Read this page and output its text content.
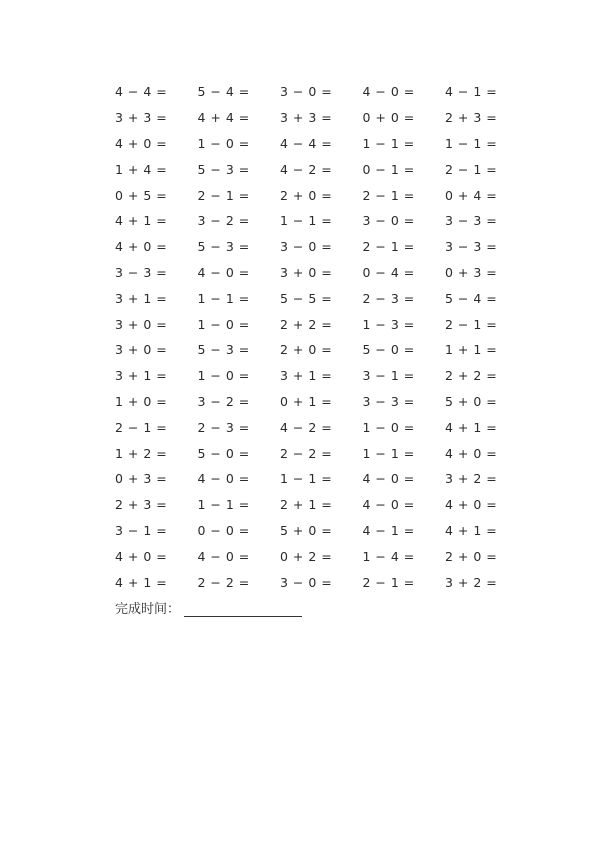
4 − 4 =	5 − 4 =	3 − 0 =	4 − 0 =	4 − 1 =
3 + 3 =	4 + 4 =	3 + 3 =	0 + 0 =	2 + 3 =
4 + 0 =	1 − 0 =	4 − 4 =	1 − 1 =	1 − 1 =
1 + 4 =	5 − 3 =	4 − 2 =	0 − 1 =	2 − 1 =
0 + 5 =	2 − 1 =	2 + 0 =	2 − 1 =	0 + 4 =
4 + 1 =	3 − 2 =	1 − 1 =	3 − 0 =	3 − 3 =
4 + 0 =	5 − 3 =	3 − 0 =	2 − 1 =	3 − 3 =
3 − 3 =	4 − 0 =	3 + 0 =	0 − 4 =	0 + 3 =
3 + 1 =	1 − 1 =	5 − 5 =	2 − 3 =	5 − 4 =
3 + 0 =	1 − 0 =	2 + 2 =	1 − 3 =	2 − 1 =
3 + 0 =	5 − 3 =	2 + 0 =	5 − 0 =	1 + 1 =
3 + 1 =	1 − 0 =	3 + 1 =	3 − 1 =	2 + 2 =
1 + 0 =	3 − 2 =	0 + 1 =	3 − 3 =	5 + 0 =
2 − 1 =	2 − 3 =	4 − 2 =	1 − 0 =	4 + 1 =
1 + 2 =	5 − 0 =	2 − 2 =	1 − 1 =	4 + 0 =
0 + 3 =	4 − 0 =	1 − 1 =	4 − 0 =	3 + 2 =
2 + 3 =	1 − 1 =	2 + 1 =	4 − 0 =	4 + 0 =
3 − 1 =	0 − 0 =	5 + 0 =	4 − 1 =	4 + 1 =
4 + 0 =	4 − 0 =	0 + 2 =	1 − 4 =	2 + 0 =
4 + 1 =	2 − 2 =	3 − 0 =	2 − 1 =	3 + 2 =
完成时间：
